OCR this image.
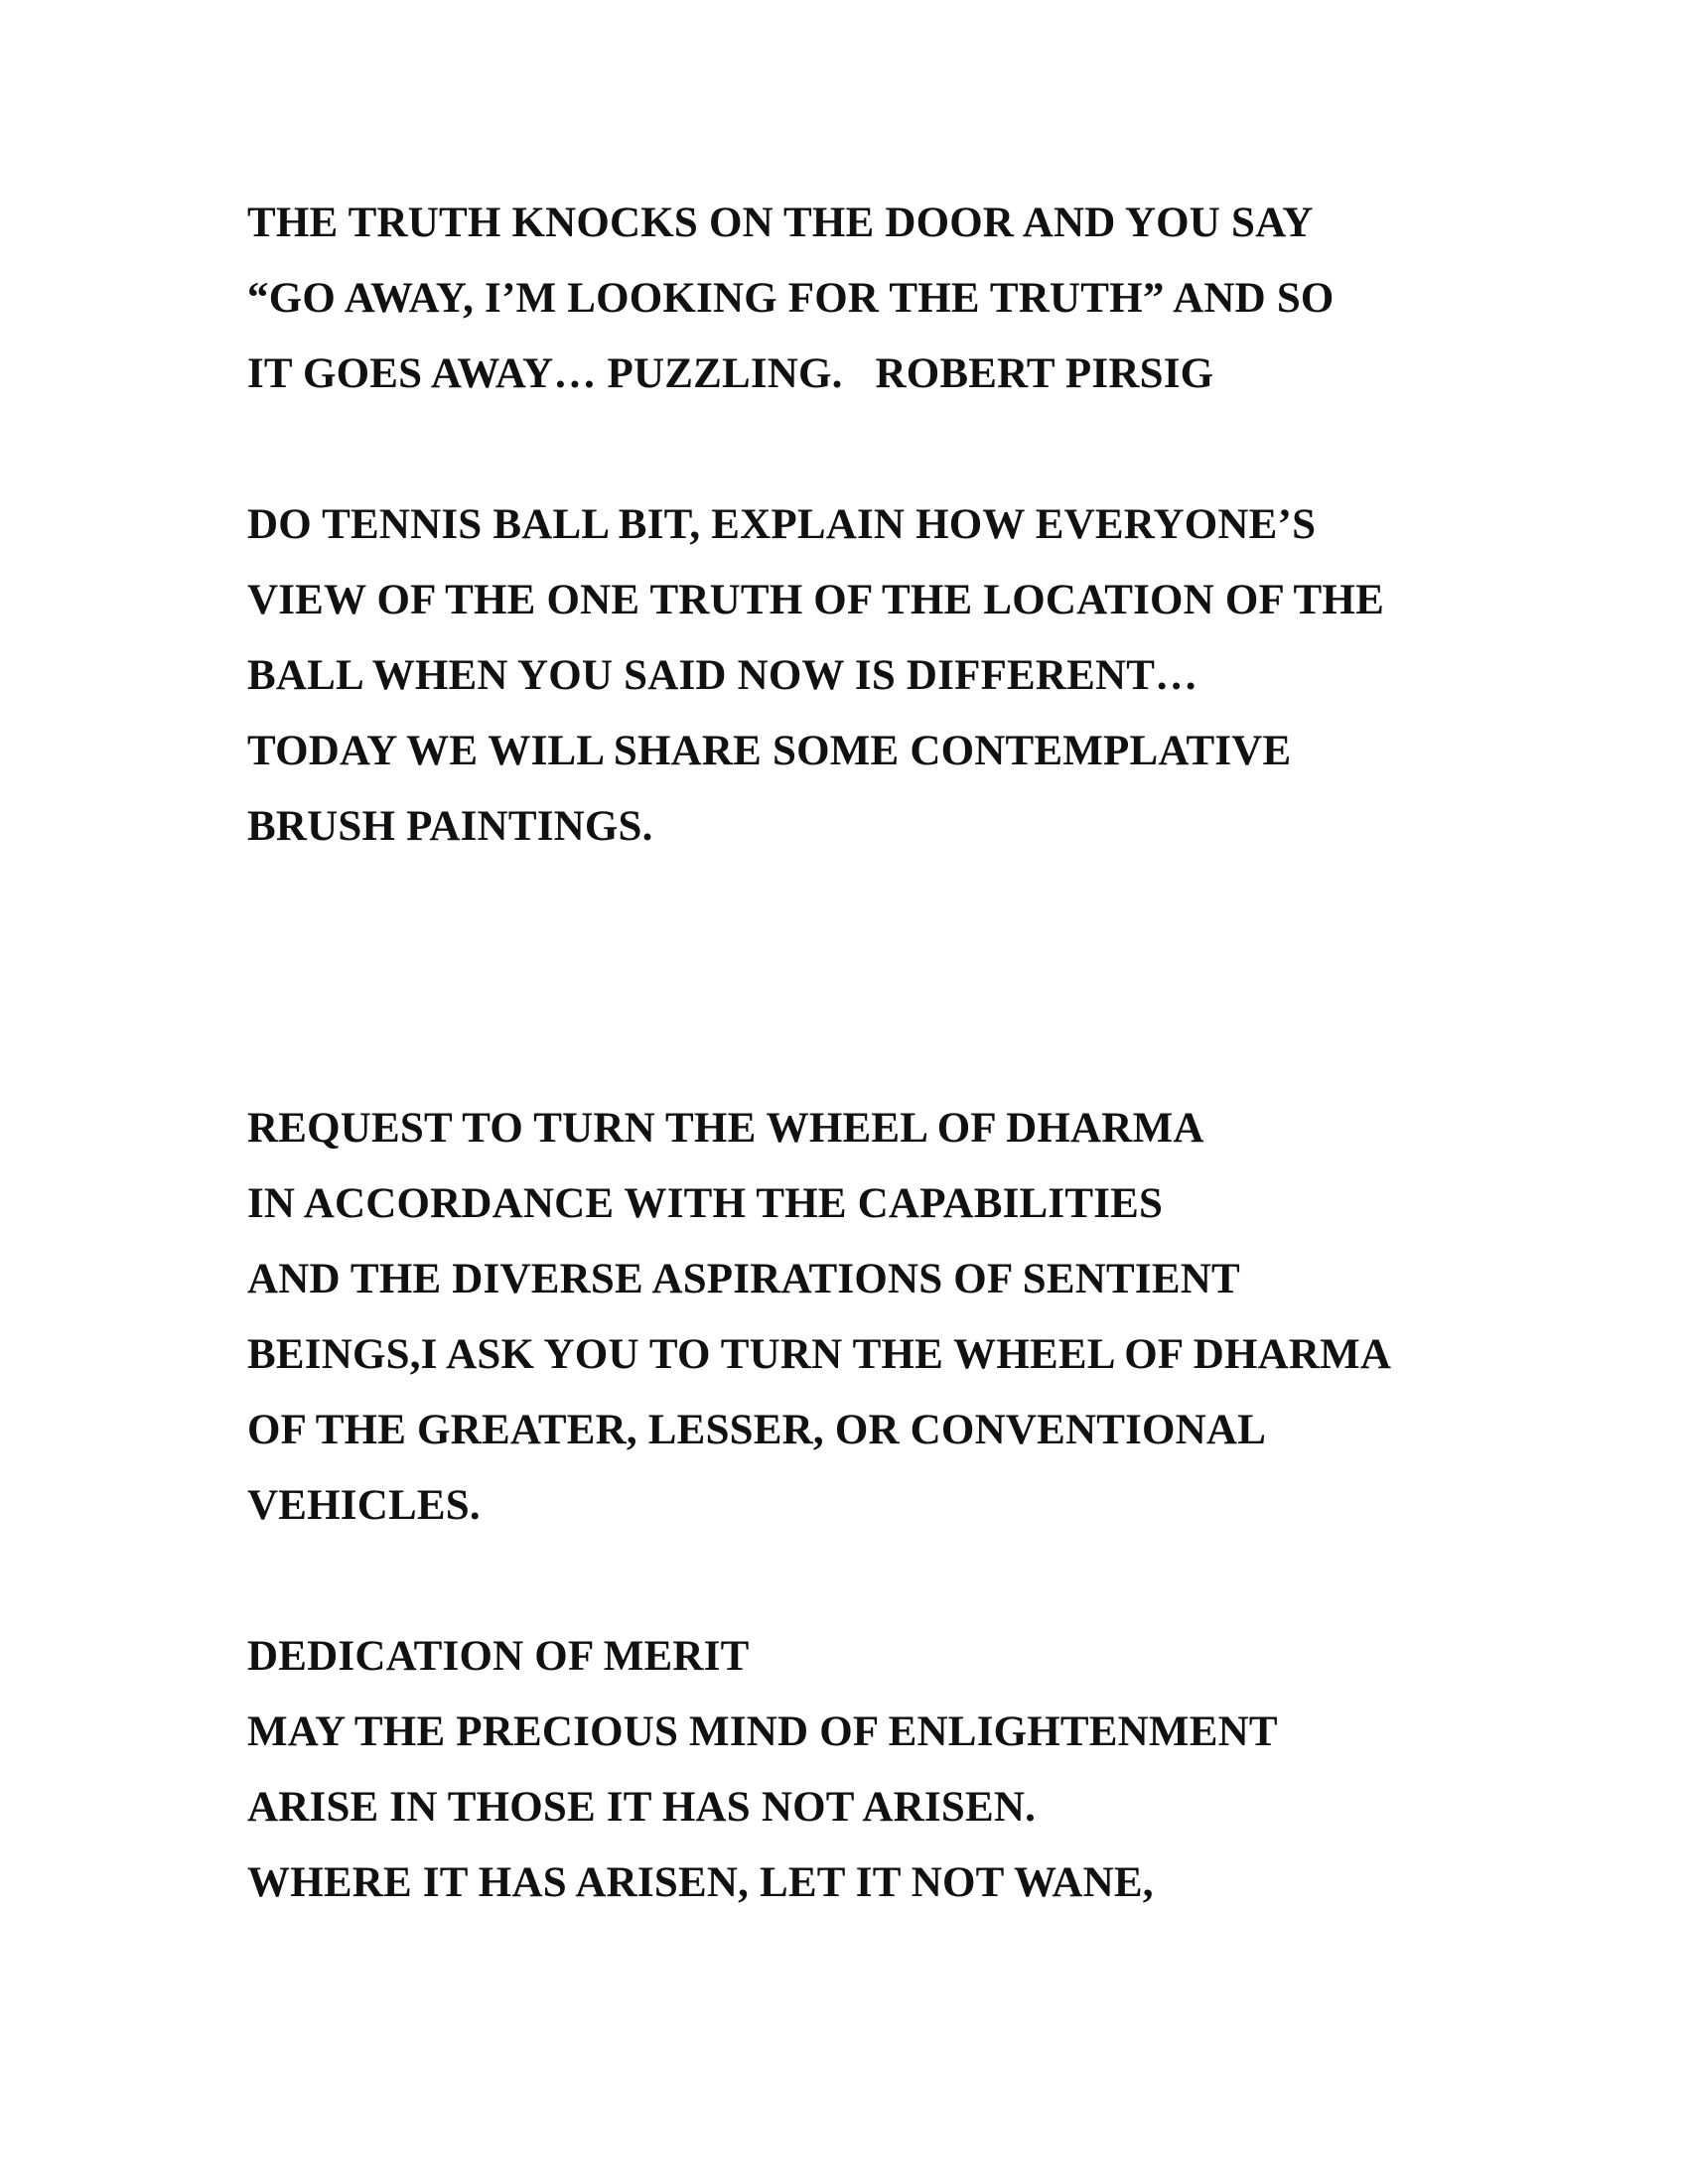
THE TRUTH KNOCKS ON THE DOOR AND YOU SAY
“GO AWAY, I’M LOOKING FOR THE TRUTH” AND SO
IT GOES AWAY… PUZZLING.   ROBERT PIRSIG
DO TENNIS BALL BIT, EXPLAIN HOW EVERYONE’S
VIEW OF THE ONE TRUTH OF THE LOCATION OF THE
BALL WHEN YOU SAID NOW IS DIFFERENT…
TODAY WE WILL SHARE SOME CONTEMPLATIVE
BRUSH PAINTINGS.
REQUEST TO TURN THE WHEEL OF DHARMA
IN ACCORDANCE WITH THE CAPABILITIES
AND THE DIVERSE ASPIRATIONS OF SENTIENT
BEINGS,I ASK YOU TO TURN THE WHEEL OF DHARMA
OF THE GREATER, LESSER, OR CONVENTIONAL
VEHICLES.
DEDICATION OF MERIT
MAY THE PRECIOUS MIND OF ENLIGHTENMENT
ARISE IN THOSE IT HAS NOT ARISEN.
WHERE IT HAS ARISEN, LET IT NOT WANE,
